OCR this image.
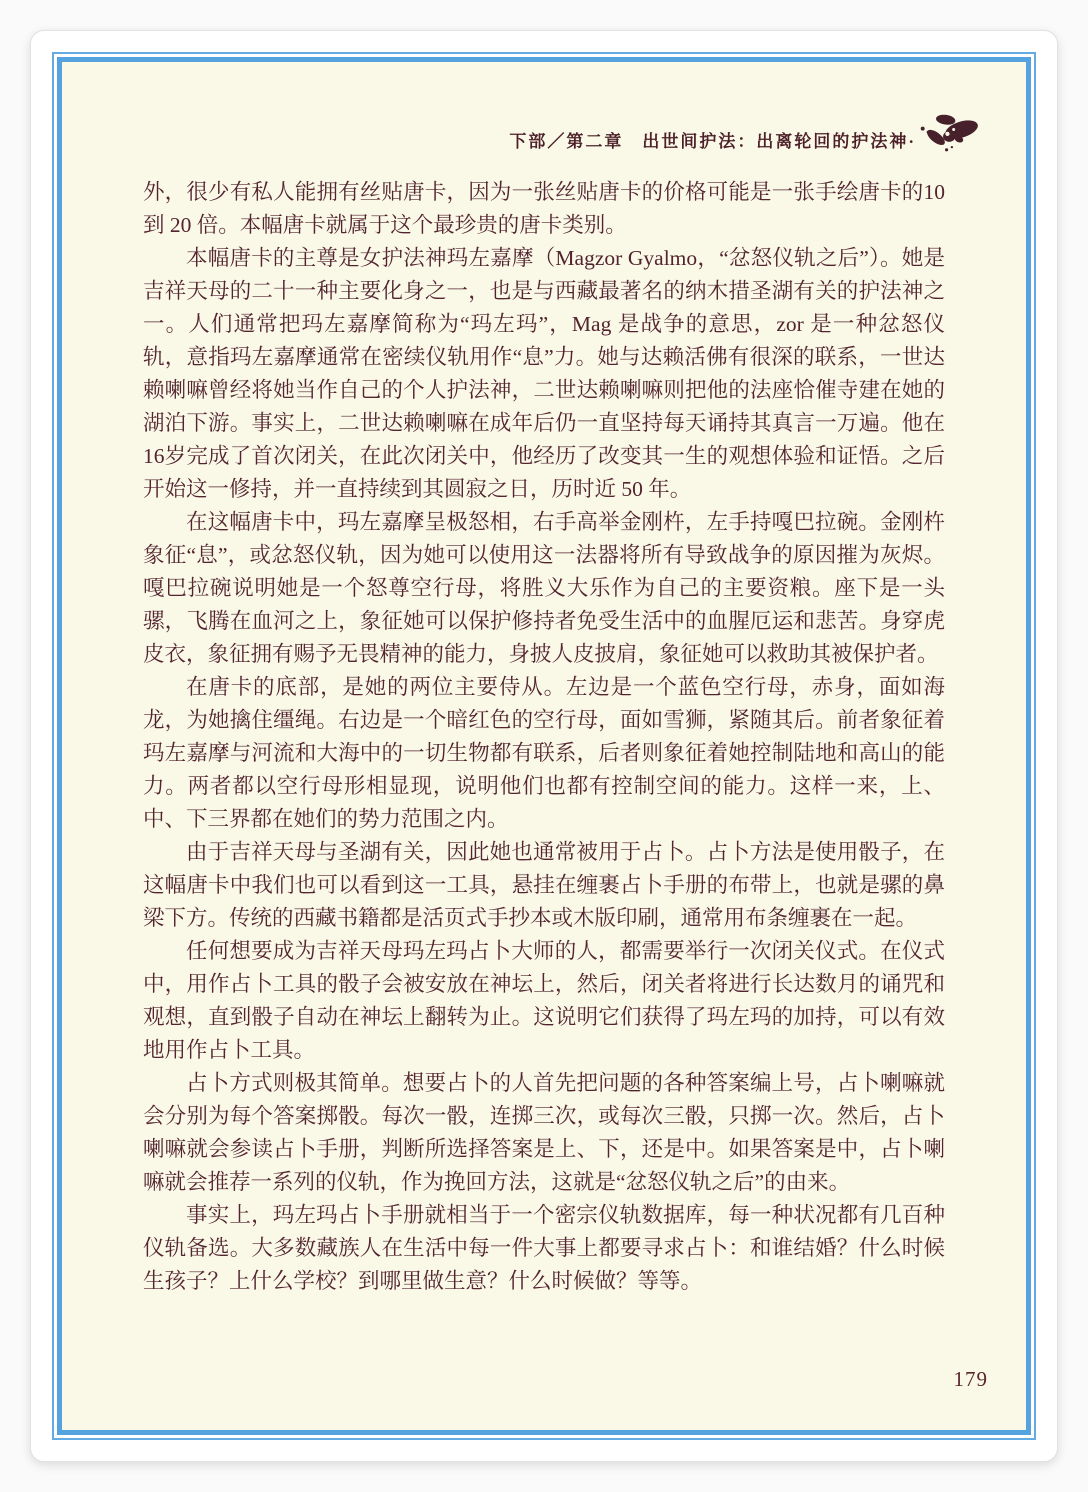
下部／第二章　出世间护法：出离轮回的护法神·

外，很少有私人能拥有丝贴唐卡，因为一张丝贴唐卡的价格可能是一张手绘唐卡的10到 20 倍。本幅唐卡就属于这个最珍贵的唐卡类别。

本幅唐卡的主尊是女护法神玛左嘉摩（Magzor Gyalmo，“忿怒仪轨之后”）。她是吉祥天母的二十一种主要化身之一，也是与西藏最著名的纳木措圣湖有关的护法神之一。人们通常把玛左嘉摩简称为“玛左玛”，Mag 是战争的意思，zor 是一种忿怒仪轨，意指玛左嘉摩通常在密续仪轨用作“息”力。她与达赖活佛有很深的联系，一世达赖喇嘛曾经将她当作自己的个人护法神，二世达赖喇嘛则把他的法座恰催寺建在她的湖泊下游。事实上，二世达赖喇嘛在成年后仍一直坚持每天诵持其真言一万遍。他在16岁完成了首次闭关，在此次闭关中，他经历了改变其一生的观想体验和证悟。之后开始这一修持，并一直持续到其圆寂之日，历时近 50 年。

在这幅唐卡中，玛左嘉摩呈极怒相，右手高举金刚杵，左手持嘎巴拉碗。金刚杵象征“息”，或忿怒仪轨，因为她可以使用这一法器将所有导致战争的原因摧为灰烬。嘎巴拉碗说明她是一个怒尊空行母，将胜义大乐作为自己的主要资粮。座下是一头骡，飞腾在血河之上，象征她可以保护修持者免受生活中的血腥厄运和悲苦。身穿虎皮衣，象征拥有赐予无畏精神的能力，身披人皮披肩，象征她可以救助其被保护者。

在唐卡的底部，是她的两位主要侍从。左边是一个蓝色空行母，赤身，面如海龙，为她擒住缰绳。右边是一个暗红色的空行母，面如雪狮，紧随其后。前者象征着玛左嘉摩与河流和大海中的一切生物都有联系，后者则象征着她控制陆地和高山的能力。两者都以空行母形相显现，说明他们也都有控制空间的能力。这样一来，上、中、下三界都在她们的势力范围之内。

由于吉祥天母与圣湖有关，因此她也通常被用于占卜。占卜方法是使用骰子，在这幅唐卡中我们也可以看到这一工具，悬挂在缠裹占卜手册的布带上，也就是骡的鼻梁下方。传统的西藏书籍都是活页式手抄本或木版印刷，通常用布条缠裹在一起。

任何想要成为吉祥天母玛左玛占卜大师的人，都需要举行一次闭关仪式。在仪式中，用作占卜工具的骰子会被安放在神坛上，然后，闭关者将进行长达数月的诵咒和观想，直到骰子自动在神坛上翻转为止。这说明它们获得了玛左玛的加持，可以有效地用作占卜工具。

占卜方式则极其简单。想要占卜的人首先把问题的各种答案编上号，占卜喇嘛就会分别为每个答案掷骰。每次一骰，连掷三次，或每次三骰，只掷一次。然后，占卜喇嘛就会参读占卜手册，判断所选择答案是上、下，还是中。如果答案是中，占卜喇嘛就会推荐一系列的仪轨，作为挽回方法，这就是“忿怒仪轨之后”的由来。

事实上，玛左玛占卜手册就相当于一个密宗仪轨数据库，每一种状况都有几百种仪轨备选。大多数藏族人在生活中每一件大事上都要寻求占卜：和谁结婚？什么时候生孩子？上什么学校？到哪里做生意？什么时候做？等等。

179
